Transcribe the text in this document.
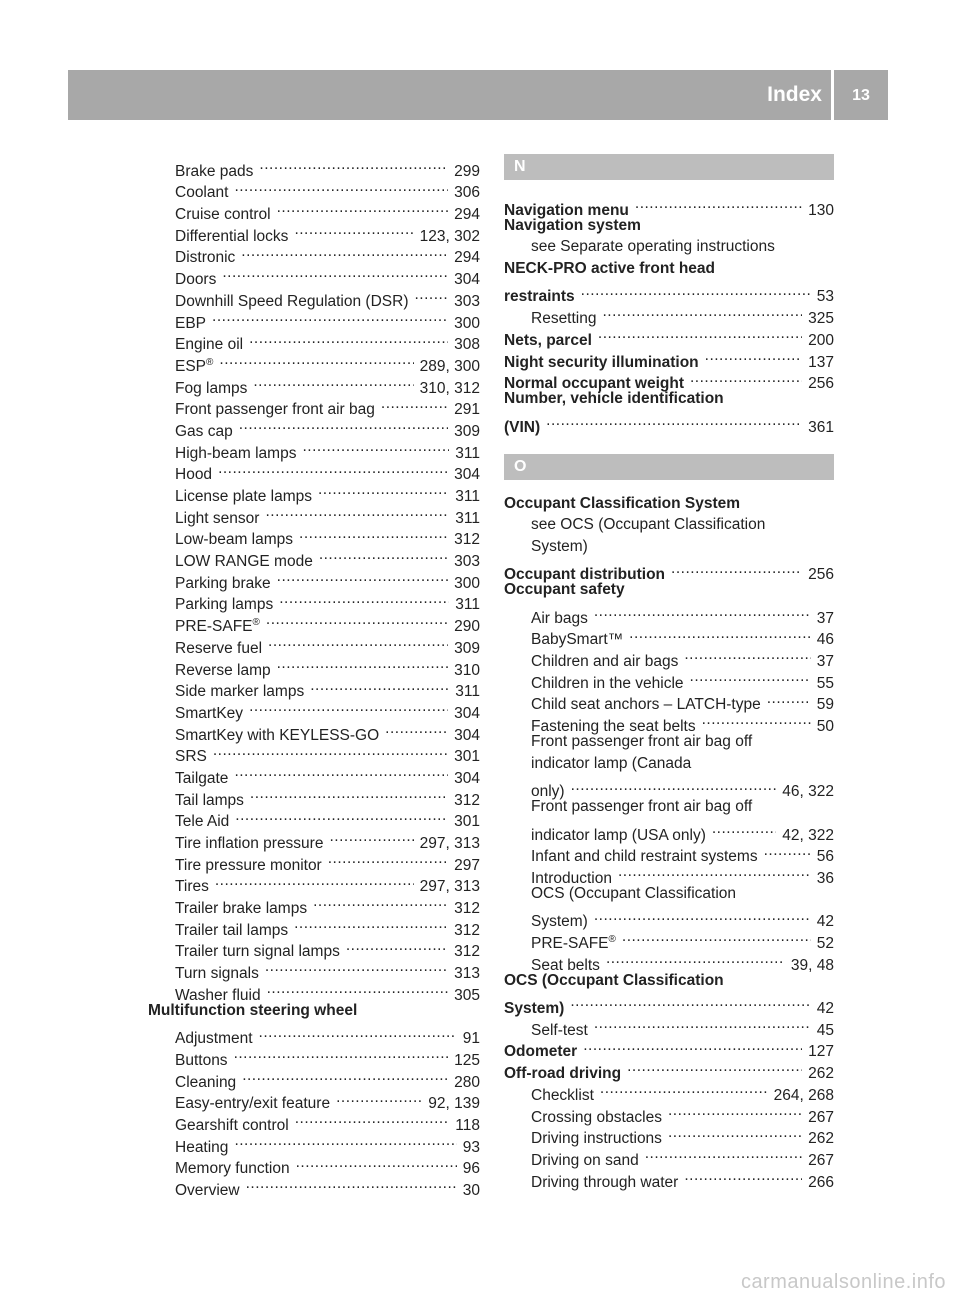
Index	13
Brake pads .....	299
Coolant .....	306
Cruise control .....	294
Differential locks .....	123, 302
Distronic .....	294
Doors .....	304
Downhill Speed Regulation (DSR) .....	303
EBP .....	300
Engine oil .....	308
ESP® .....	289, 300
Fog lamps .....	310, 312
Front passenger front air bag .....	291
Gas cap .....	309
High-beam lamps .....	311
Hood .....	304
License plate lamps .....	311
Light sensor .....	311
Low-beam lamps .....	312
LOW RANGE mode .....	303
Parking brake .....	300
Parking lamps .....	311
PRE-SAFE® .....	290
Reserve fuel .....	309
Reverse lamp .....	310
Side marker lamps .....	311
SmartKey .....	304
SmartKey with KEYLESS-GO .....	304
SRS .....	301
Tailgate .....	304
Tail lamps .....	312
Tele Aid .....	301
Tire inflation pressure .....	297, 313
Tire pressure monitor .....	297
Tires .....	297, 313
Trailer brake lamps .....	312
Trailer tail lamps .....	312
Trailer turn signal lamps .....	312
Turn signals .....	313
Washer fluid .....	305
Multifunction steering wheel
Adjustment .....	91
Buttons .....	125
Cleaning .....	280
Easy-entry/exit feature .....	92, 139
Gearshift control .....	118
Heating .....	93
Memory function .....	96
Overview .....	30
N
Navigation menu .....	130
Navigation system
see Separate operating instructions
NECK-PRO active front head
restraints .....	53
Resetting .....	325
Nets, parcel .....	200
Night security illumination .....	137
Normal occupant weight .....	256
Number, vehicle identification
(VIN) .....	361
O
Occupant Classification System
see OCS (Occupant Classification
System)
Occupant distribution .....	256
Occupant safety
Air bags .....	37
BabySmart™ .....	46
Children and air bags .....	37
Children in the vehicle .....	55
Child seat anchors – LATCH-type .....	59
Fastening the seat belts .....	50
Front passenger front air bag off
indicator lamp (Canada
only) .....	46, 322
Front passenger front air bag off
indicator lamp (USA only) .....	42, 322
Infant and child restraint systems .....	56
Introduction .....	36
OCS (Occupant Classification
System) .....	42
PRE-SAFE® .....	52
Seat belts .....	39, 48
OCS (Occupant Classification
System) .....	42
Self-test .....	45
Odometer .....	127
Off-road driving .....	262
Checklist .....	264, 268
Crossing obstacles .....	267
Driving instructions .....	262
Driving on sand .....	267
Driving through water .....	266
carmanualsonline.info
